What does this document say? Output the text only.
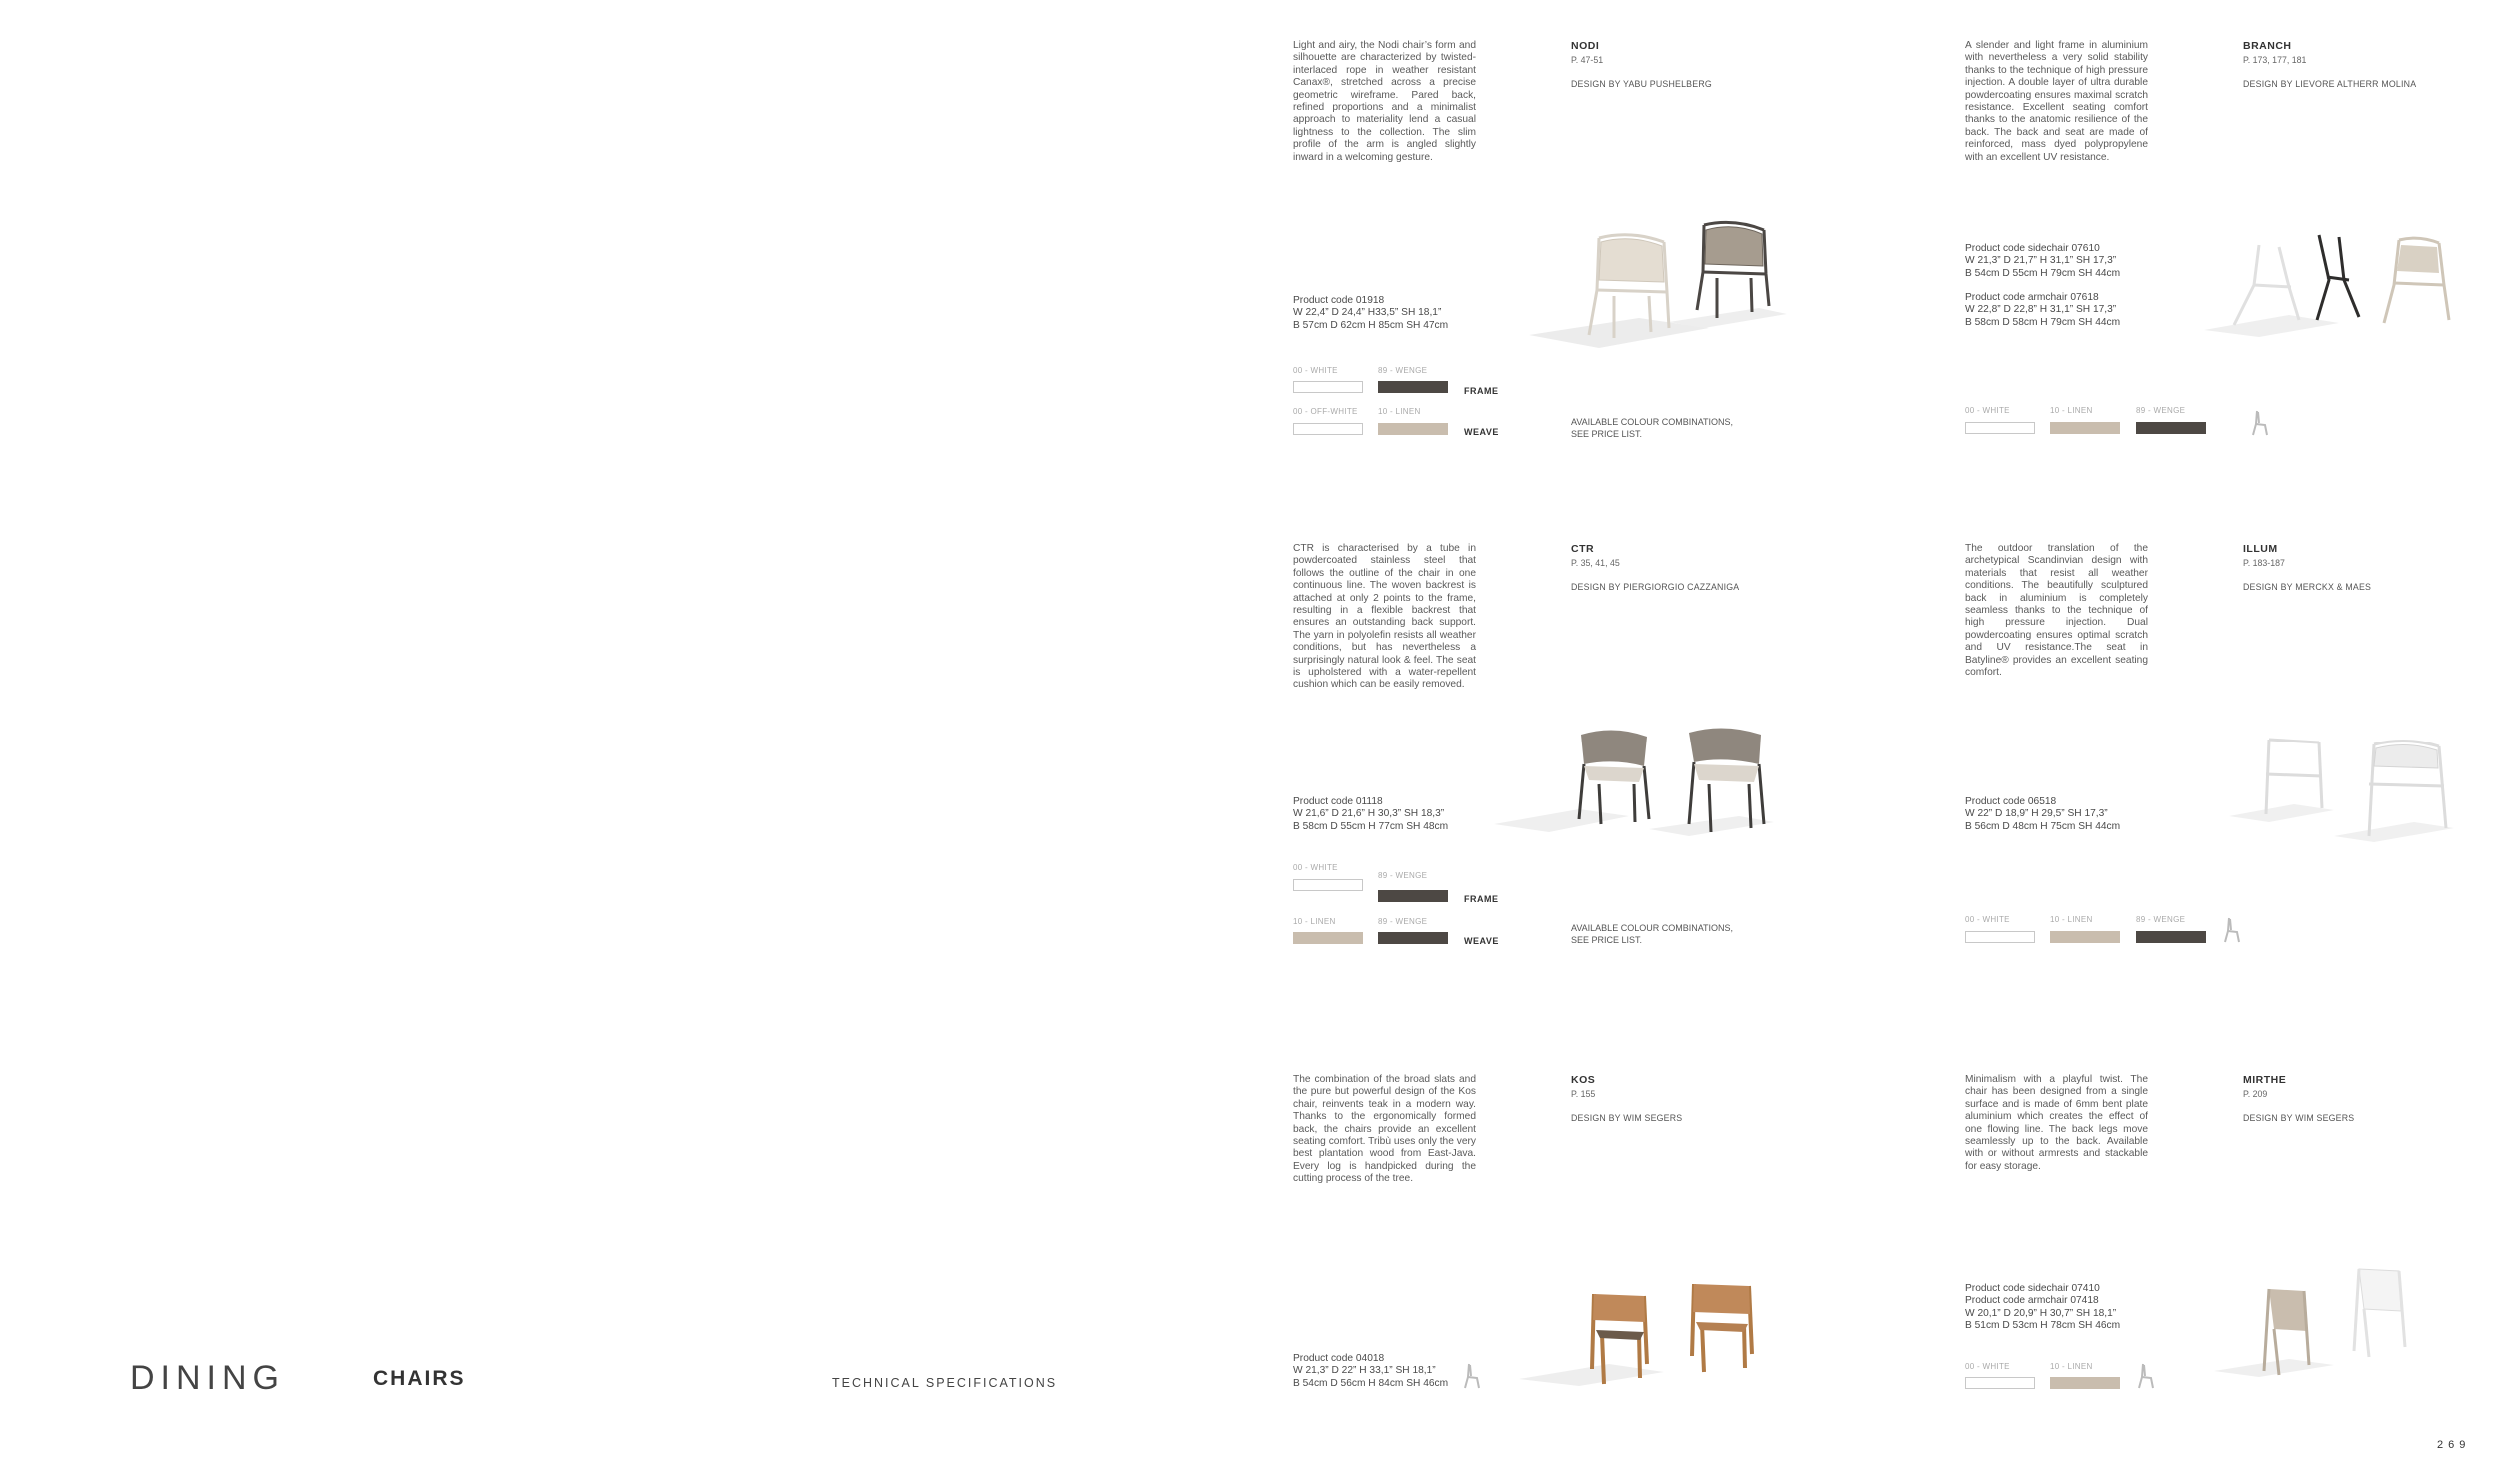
DINING	CHAIRS	TECHNICAL SPECIFICATIONS
269
Light and airy, the Nodi chair’s form and silhouette are characterized by twisted-interlaced rope in weather resistant Canax®, stretched across a precise geometric wireframe. Pared back, refined proportions and a minimalist approach to materiality lend a casual lightness to the collection. The slim profile of the arm is angled slightly inward in a welcoming gesture.
NODI
P. 47-51
DESIGN BY YABU PUSHELBERG
Product code 01918
W 22,4” D 24,4” H33,5” SH 18,1”
B 57cm D 62cm H 85cm SH 47cm
00 - WHITE	89 - WENGE
FRAME
00 - OFF-WHITE	10 - LINEN
WEAVE
AVAILABLE COLOUR COMBINATIONS,
SEE PRICE LIST.
A slender and light frame in aluminium with nevertheless a very solid stability thanks to the technique of high pressure injection. A double layer of ultra durable powdercoating ensures maximal scratch resistance. Excellent seating comfort thanks to the anatomic resilience of the back. The back and seat are made of reinforced, mass dyed polypropylene with an excellent UV resistance.
BRANCH
P. 173, 177, 181
DESIGN BY LIEVORE ALTHERR MOLINA
Product code sidechair 07610
W 21,3” D 21,7” H 31,1” SH 17,3”
B 54cm D 55cm H 79cm SH 44cm
Product code armchair 07618
W 22,8” D 22,8” H 31,1” SH 17,3”
B 58cm D 58cm H 79cm SH 44cm
00 - WHITE	10 - LINEN	89 - WENGE
CTR is characterised by a tube in powdercoated stainless steel that follows the outline of the chair in one continuous line. The woven backrest is attached at only 2 points to the frame, resulting in a flexible backrest that ensures an outstanding back support. The yarn in polyolefin resists all weather conditions, but has nevertheless a surprisingly natural look & feel. The seat is upholstered with a water-repellent cushion which can be easily removed.
CTR
P. 35, 41, 45
DESIGN BY PIERGIORGIO CAZZANIGA
Product code 01118
W 21,6” D 21,6” H 30,3” SH 18,3”
B 58cm D 55cm H 77cm SH 48cm
00 - WHITE
89 - WENGE
FRAME
10 - LINEN	89 - WENGE
WEAVE
AVAILABLE COLOUR COMBINATIONS,
SEE PRICE LIST.
The outdoor translation of the archetypical Scandinvian design with materials that resist all weather conditions. The beautifully sculptured back in aluminium is completely seamless thanks to the technique of high pressure injection. Dual powdercoating ensures optimal scratch and UV resistance.The seat in Batyline® provides an excellent seating comfort.
ILLUM
P. 183-187
DESIGN BY MERCKX & MAES
Product code 06518
W 22” D 18,9” H 29,5” SH 17,3”
B 56cm D 48cm H 75cm SH 44cm
00 - WHITE	10 - LINEN	89 - WENGE
The combination of the broad slats and the pure but powerful design of the Kos chair, reinvents teak in a modern way. Thanks to the ergonomically formed back, the chairs provide an excellent seating comfort. Tribù uses only the very best plantation wood from East-Java. Every log is handpicked during the cutting process of the tree.
KOS
P. 155
DESIGN BY WIM SEGERS
Product code 04018
W 21,3” D 22” H 33,1” SH 18,1”
B 54cm D 56cm H 84cm SH 46cm
Minimalism with a playful twist. The chair has been designed from a single surface and is made of 6mm bent plate aluminium which creates the effect of one flowing line. The back legs move seamlessly up to the back. Available with or without armrests and stackable for easy storage.
MIRTHE
P. 209
DESIGN BY WIM SEGERS
Product code sidechair 07410
Product code armchair 07418
W 20,1” D 20,9” H 30,7” SH 18,1”
B 51cm D 53cm H 78cm SH 46cm
00 - WHITE	10 - LINEN
